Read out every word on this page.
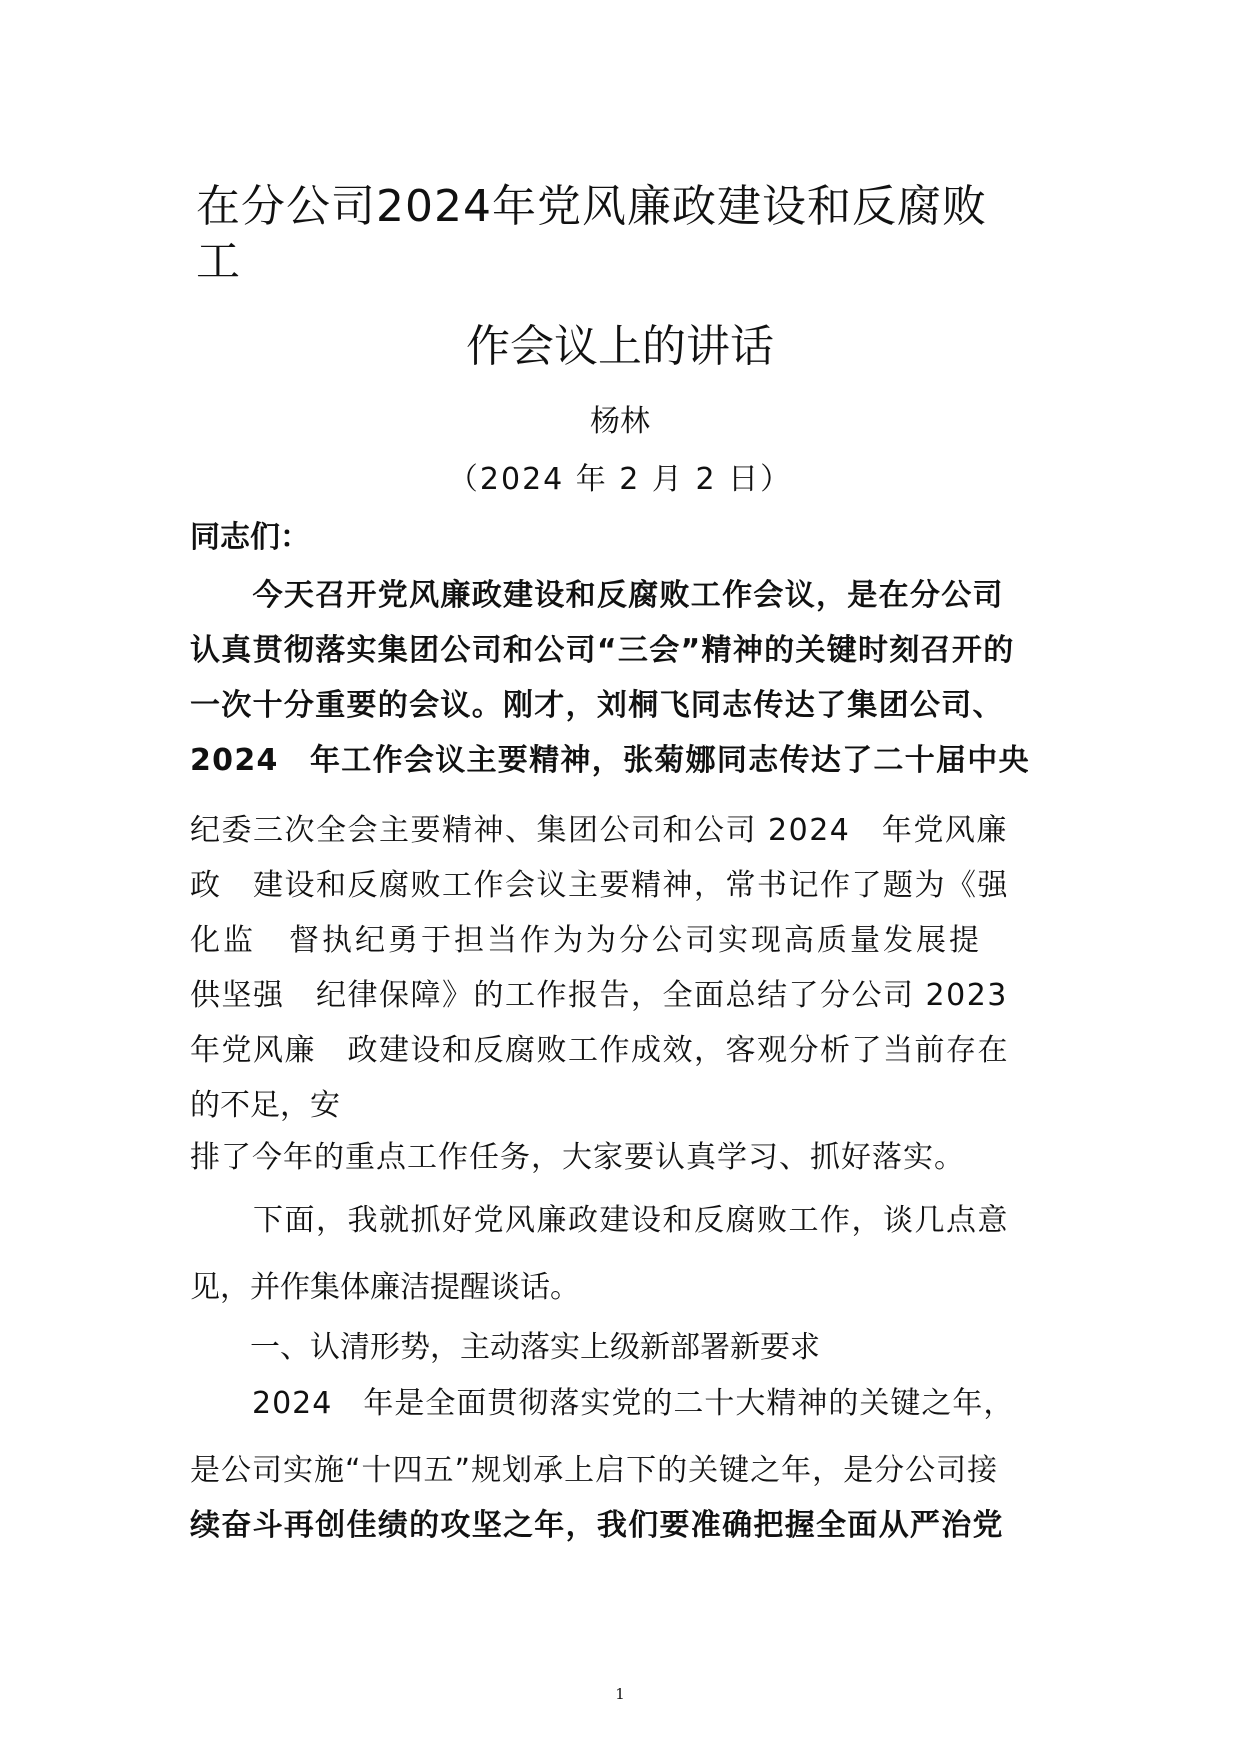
在分公司2024年党风廉政建设和反腐败
工
作会议上的讲话
杨林
（2024 年 2 月 2 日）
同志们：
　　今天召开党风廉政建设和反腐败工作会议，是在分公司
认真贯彻落实集团公司和公司“三会”精神的关键时刻召开的
一次十分重要的会议。刚才，刘桐飞同志传达了集团公司、
2024　年工作会议主要精神，张菊娜同志传达了二十届中央
纪委三次全会主要精神、集团公司和公司 2024　年党风廉
政　建设和反腐败工作会议主要精神，常书记作了题为《强
化监　督执纪勇于担当作为为分公司实现高质量发展提
供坚强　纪律保障》的工作报告，全面总结了分公司 2023
年党风廉　政建设和反腐败工作成效，客观分析了当前存在
的不足，安
排了今年的重点工作任务，大家要认真学习、抓好落实。
　　下面，我就抓好党风廉政建设和反腐败工作，谈几点意
见，并作集体廉洁提醒谈话。
　　一、认清形势，主动落实上级新部署新要求
　　2024　年是全面贯彻落实党的二十大精神的关键之年，
是公司实施“十四五”规划承上启下的关键之年，是分公司接
续奋斗再创佳绩的攻坚之年，我们要准确把握全面从严治党
1
